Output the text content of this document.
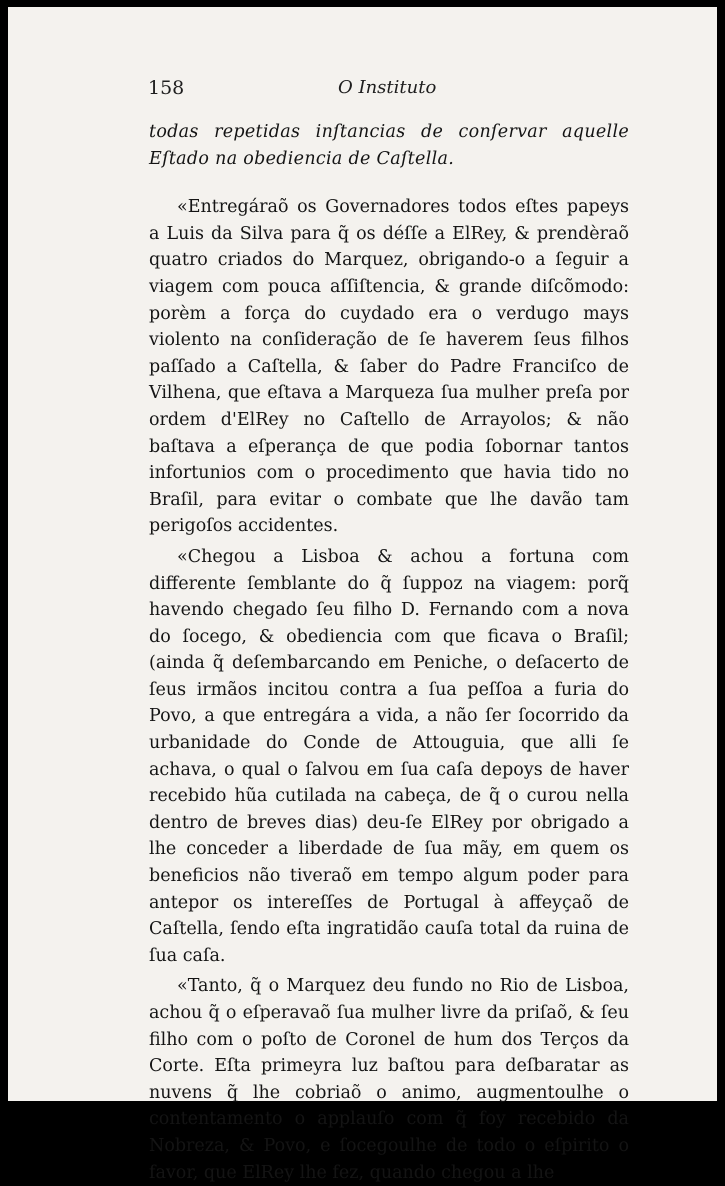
158	O Instituto

todas repetidas inſtancias de conſervar aquelle Eſtado na obediencia de Caſtella.

«Entregáraõ os Governadores todos eſtes papeys a Luis da Silva para q̃ os déſſe a ElRey, & prendèraõ quatro criados do Marquez, obrigando-o a ſeguir a viagem com pouca aſſiſtencia, & grande diſcõmodo: porèm a força do cuydado era o verdugo mays violento na conſideração de ſe haverem ſeus filhos paſſado a Caſtella, & ſaber do Padre Franciſco de Vilhena, que eſtava a Marqueza ſua mulher preſa por ordem d'ElRey no Caſtello de Arrayolos; & não baſtava a eſperança de que podia ſobornar tantos infortunios com o procedimento que havia tido no Braſil, para evitar o combate que lhe davão tam perigoſos accidentes.

«Chegou a Lisboa & achou a fortuna com differente ſemblante do q̃ ſuppoz na viagem: porq̃ havendo chegado ſeu filho D. Fernando com a nova do ſocego, & obediencia com que ficava o Braſil; (ainda q̃ deſembarcando em Peniche, o deſacerto de ſeus irmãos incitou contra a ſua peſſoa a furia do Povo, a que entregára a vida, a não ſer ſocorrido da urbanidade do Conde de Attouguia, que alli ſe achava, o qual o ſalvou em ſua caſa depoys de haver recebido hũa cutilada na cabeça, de q̃ o curou nella dentro de breves dias) deu-ſe ElRey por obrigado a lhe conceder a liberdade de ſua mãy, em quem os beneficios não tiveraõ em tempo algum poder para antepor os intereſſes de Portugal à affeyçaõ de Caſtella, ſendo eſta ingratidão cauſa total da ruina de ſua caſa.

«Tanto, q̃ o Marquez deu fundo no Rio de Lisboa, achou q̃ o eſperavaõ ſua mulher livre da priſaõ, & ſeu filho com o poſto de Coronel de hum dos Terços da Corte. Eſta primeyra luz baſtou para deſbaratar as nuvens q̃ lhe cobriaõ o animo, augmentoulhe o contentamento o applauſo com q̃ foy recebido da Nobreza, & Povo, e ſocegoulhe de todo o eſpirito o favor, que ElRey lhe fez, quando chegou a lhe
